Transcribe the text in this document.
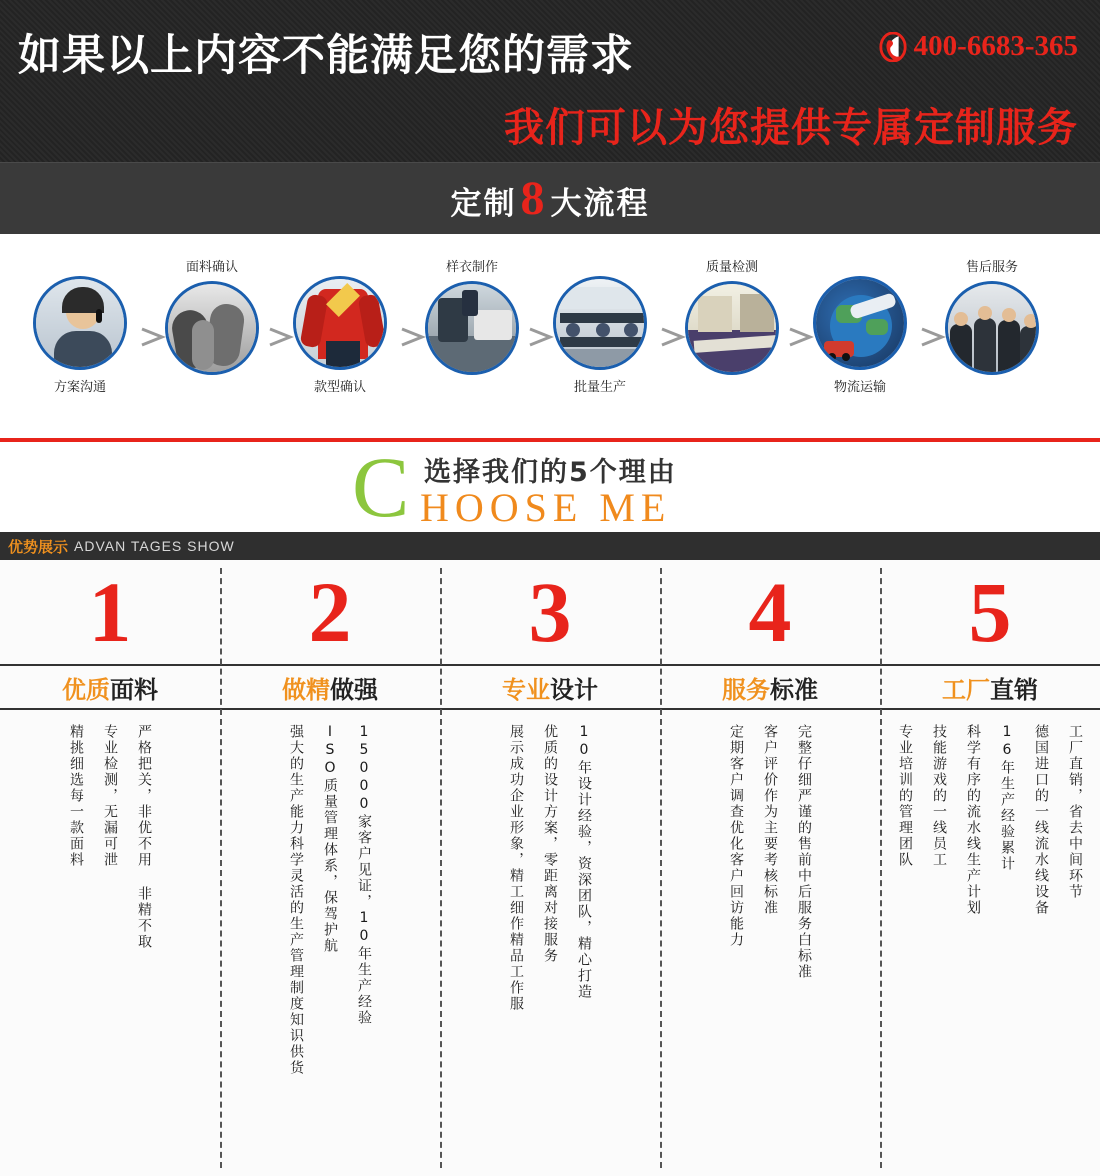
如果以上内容不能满足您的需求	400-6683-365
我们可以为您提供专属定制服务
定制 8 大流程
方案沟通
面料确认
款型确认
样衣制作
批量生产
质量检测
物流运输
售后服务
C 选择我们的5个理由
HOOSE ME
优势展示 ADVAN TAGES SHOW
1
优质 面料
严格把关，非优不用 非精不取
专业检测，无漏可泄
精挑细选每一款面料
2
做精 做强
15000家客户见证，10年生产经验
ISO质量管理体系，保驾护航
强大的生产能力科学灵活的生产管理制度知识供货
3
专业 设计
10年设计经验，资深团队，精心打造
优质的设计方案，零距离对接服务
展示成功企业形象，精工细作精品工作服
4
服务 标准
完整仔细严谨的售前中后服务白标准
客户评价作为主要考核标准
定期客户调查优化客户回访能力
5
工厂 直销
工厂直销，省去中间环节
德国进口的一线流水线设备
16年生产经验累计
科学有序的流水线生产计划
技能游戏的一线员工
专业培训的管理团队
